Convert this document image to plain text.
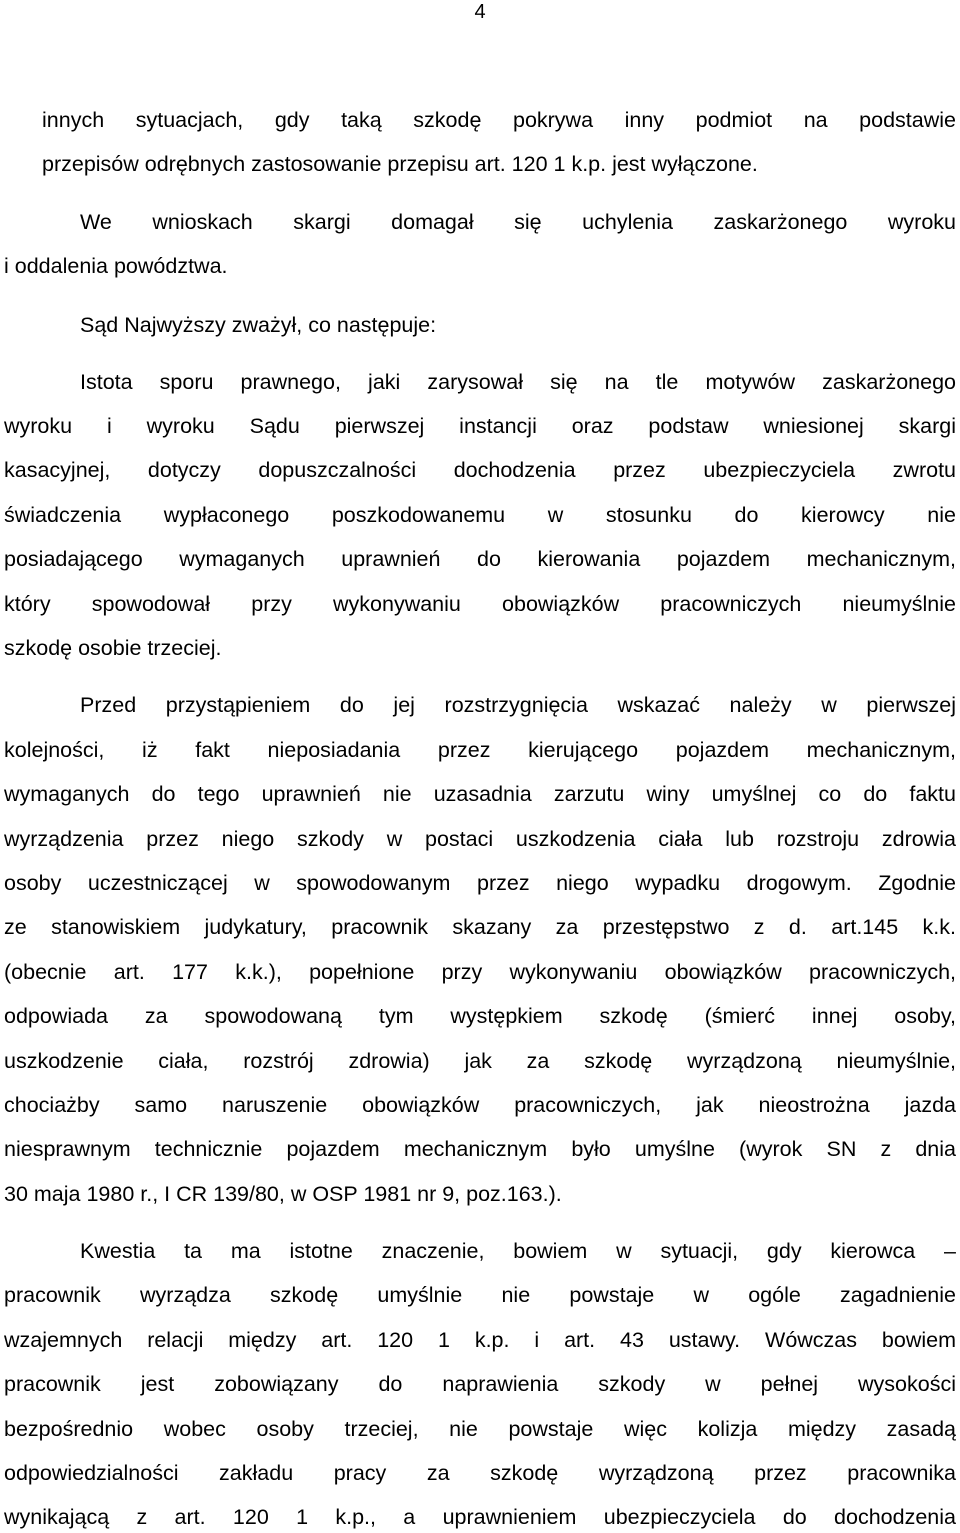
4
innych sytuacjach, gdy taką szkodę pokrywa inny podmiot na podstawie
przepisów odrębnych zastosowanie przepisu art. 120 1 k.p. jest wyłączone.
We wnioskach skargi domagał się uchylenia zaskarżonego wyroku
i oddalenia powództwa.
Sąd Najwyższy zważył, co następuje:
Istota sporu prawnego, jaki zarysował się na tle motywów zaskarżonego
wyroku i wyroku Sądu pierwszej instancji oraz podstaw wniesionej skargi
kasacyjnej, dotyczy dopuszczalności dochodzenia przez ubezpieczyciela zwrotu
świadczenia wypłaconego poszkodowanemu w stosunku do kierowcy nie
posiadającego wymaganych uprawnień do kierowania pojazdem mechanicznym,
który spowodował przy wykonywaniu obowiązków pracowniczych nieumyślnie
szkodę osobie trzeciej.
Przed przystąpieniem do jej rozstrzygnięcia wskazać należy w pierwszej
kolejności, iż fakt nieposiadania przez kierującego pojazdem mechanicznym,
wymaganych do tego uprawnień nie uzasadnia zarzutu winy umyślnej co do faktu
wyrządzenia przez niego szkody w postaci uszkodzenia ciała lub rozstroju zdrowia
osoby uczestniczącej w spowodowanym przez niego wypadku drogowym. Zgodnie
ze stanowiskiem judykatury, pracownik skazany za przestępstwo z d. art.145 k.k.
(obecnie art. 177 k.k.), popełnione przy wykonywaniu obowiązków pracowniczych,
odpowiada za spowodowaną tym występkiem szkodę (śmierć innej osoby,
uszkodzenie ciała, rozstrój zdrowia) jak za szkodę wyrządzoną nieumyślnie,
chociażby samo naruszenie obowiązków pracowniczych, jak nieostrożna jazda
niesprawnym technicznie pojazdem mechanicznym było umyślne (wyrok SN z dnia
30 maja 1980 r., I CR 139/80, w OSP 1981 nr 9, poz.163.).
Kwestia ta ma istotne znaczenie, bowiem w sytuacji, gdy kierowca –
pracownik wyrządza szkodę umyślnie nie powstaje w ogóle zagadnienie
wzajemnych relacji między art. 120 1 k.p. i art. 43 ustawy. Wówczas bowiem
pracownik jest zobowiązany do naprawienia szkody w pełnej wysokości
bezpośrednio wobec osoby trzeciej, nie powstaje więc kolizja między zasadą
odpowiedzialności zakładu pracy za szkodę wyrządzoną przez pracownika
wynikającą z art. 120 1 k.p., a uprawnieniem ubezpieczyciela do dochodzenia
